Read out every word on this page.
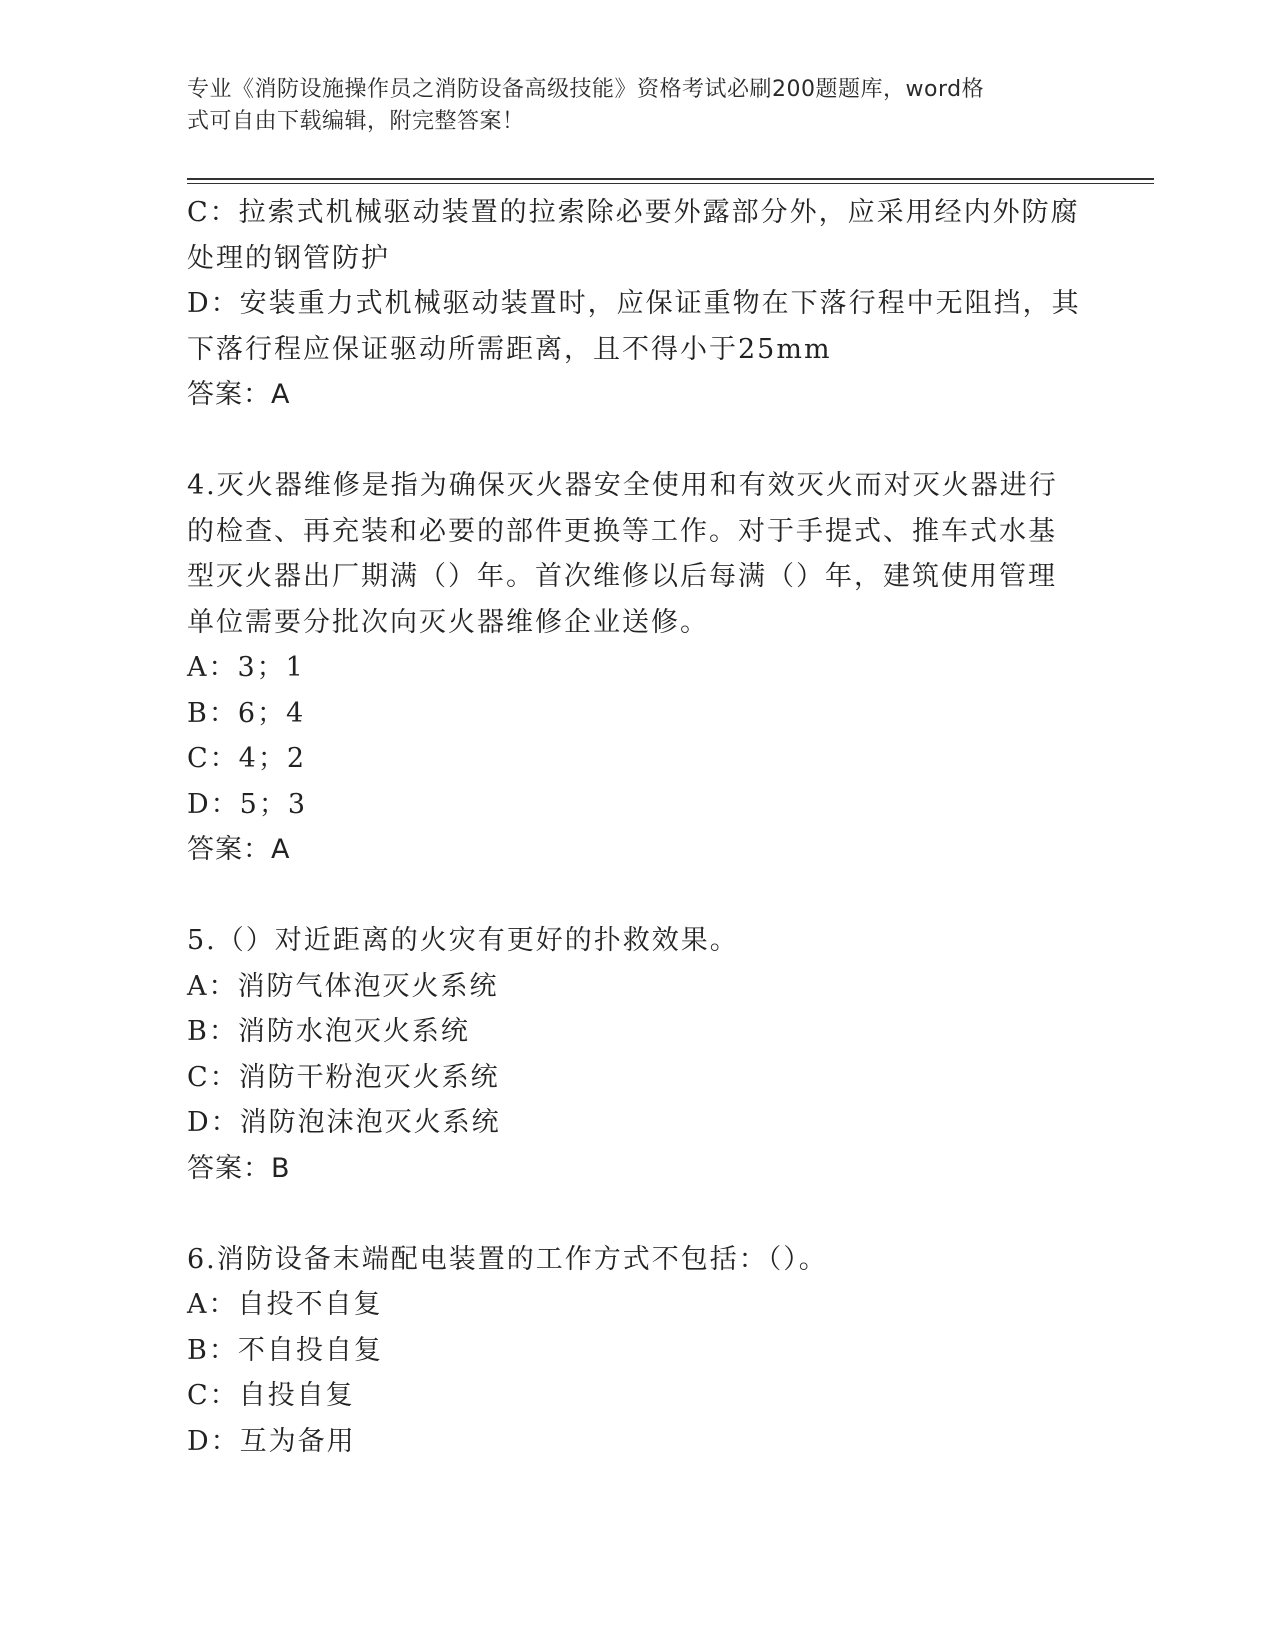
专业《消防设施操作员之消防设备高级技能》资格考试必刷200题题库，word格
式可自由下载编辑，附完整答案！
C：拉索式机械驱动装置的拉索除必要外露部分外，应采用经内外防腐
处理的钢管防护
D：安装重力式机械驱动装置时，应保证重物在下落行程中无阻挡，其
下落行程应保证驱动所需距离，且不得小于25mm
答案：A
4.灭火器维修是指为确保灭火器安全使用和有效灭火而对灭火器进行
的检查、再充装和必要的部件更换等工作。对于手提式、推车式水基
型灭火器出厂期满（）年。首次维修以后每满（）年，建筑使用管理
单位需要分批次向灭火器维修企业送修。
A：3；1
B：6；4
C：4；2
D：5；3
答案：A
5.（）对近距离的火灾有更好的扑救效果。
A：消防气体泡灭火系统
B：消防水泡灭火系统
C：消防干粉泡灭火系统
D：消防泡沫泡灭火系统
答案：B
6.消防设备末端配电装置的工作方式不包括：（）。
A：自投不自复
B：不自投自复
C：自投自复
D：互为备用
